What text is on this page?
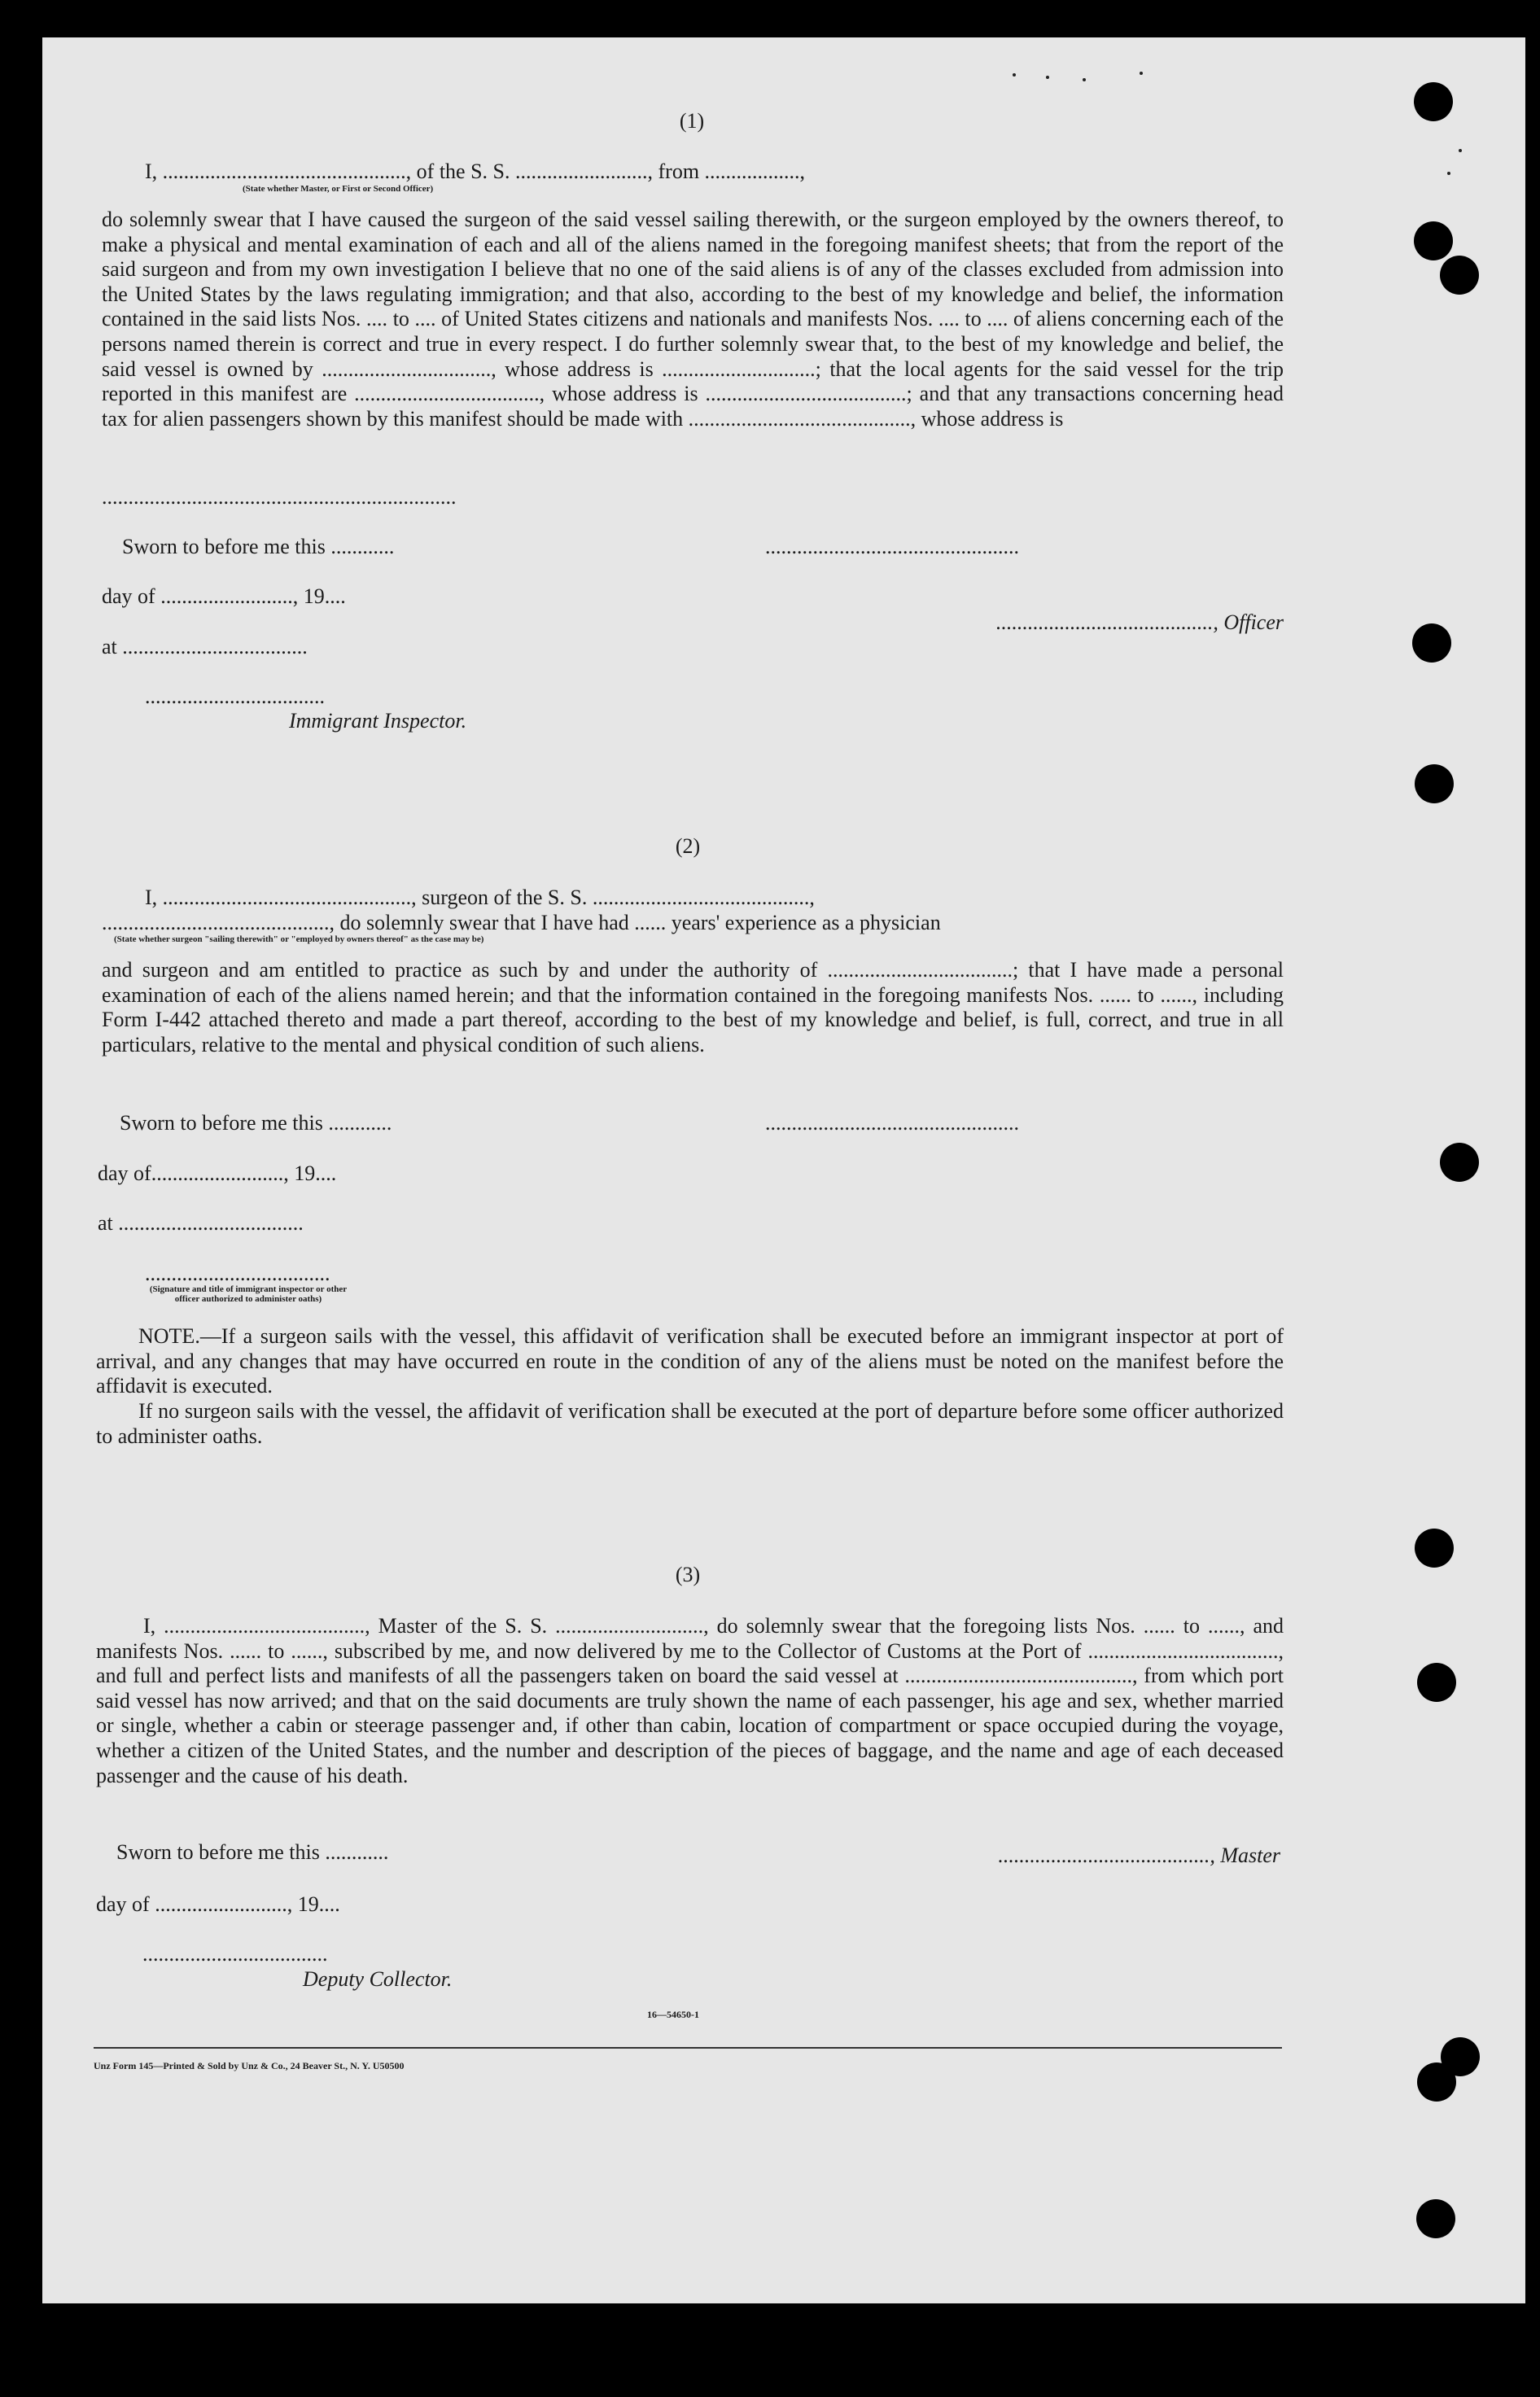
(1)
I, .............................................., of the S. S. ........................., from ..................,
(State whether Master, or First or Second Officer)
do solemnly swear that I have caused the surgeon of the said vessel sailing therewith, or the surgeon employed by the owners thereof, to make a physical and mental examination of each and all of the aliens named in the foregoing manifest sheets; that from the report of the said surgeon and from my own investigation I believe that no one of the said aliens is of any of the classes excluded from admission into the United States by the laws regulating immigration; and that also, according to the best of my knowledge and belief, the information contained in the said lists Nos. .... to .... of United States citizens and nationals and manifests Nos. .... to .... of aliens concerning each of the persons named therein is correct and true in every respect. I do further solemnly swear that, to the best of my knowledge and belief, the said vessel is owned by ................................, whose address is .............................; that the local agents for the said vessel for the trip reported in this manifest are ..................................., whose address is ......................................; and that any transactions concerning head tax for alien passengers shown by this manifest should be made with .........................................., whose address is
...................................................................
Sworn to before me this ............	................................................
day of ........................., 19....
........................................., Officer
at ...................................
..................................
Immigrant Inspector.
(2)
I, ..............................................., surgeon of the S. S. .........................................,
..........................................., do solemnly swear that I have had ...... years' experience as a physician
(State whether surgeon "sailing therewith" or "employed by owners thereof" as the case may be)
and surgeon and am entitled to practice as such by and under the authority of ...................................; that I have made a personal examination of each of the aliens named herein; and that the information contained in the foregoing manifests Nos. ...... to ......, including Form I-442 attached thereto and made a part thereof, according to the best of my knowledge and belief, is full, correct, and true in all particulars, relative to the mental and physical condition of such aliens.
Sworn to before me this ............	................................................
day of........................., 19....
at ...................................
...................................
(Signature and title of immigrant inspector or other officer authorized to administer oaths)
NOTE.—If a surgeon sails with the vessel, this affidavit of verification shall be executed before an immigrant inspector at port of arrival, and any changes that may have occurred en route in the condition of any of the aliens must be noted on the manifest before the affidavit is executed.
If no surgeon sails with the vessel, the affidavit of verification shall be executed at the port of departure before some officer authorized to administer oaths.
(3)
I, ......................................, Master of the S. S. ............................, do solemnly swear that the foregoing lists Nos. ...... to ......, and manifests Nos. ...... to ......, subscribed by me, and now delivered by me to the Collector of Customs at the Port of ...................................., and full and perfect lists and manifests of all the passengers taken on board the said vessel at ..........................................., from which port said vessel has now arrived; and that on the said documents are truly shown the name of each passenger, his age and sex, whether married or single, whether a cabin or steerage passenger and, if other than cabin, location of compartment or space occupied during the voyage, whether a citizen of the United States, and the number and description of the pieces of baggage, and the name and age of each deceased passenger and the cause of his death.
Sworn to before me this ............	........................................, Master
day of ........................., 19....
...................................
Deputy Collector.
16—54650-1
Unz Form 145—Printed & Sold by Unz & Co., 24 Beaver St., N. Y. U50500
